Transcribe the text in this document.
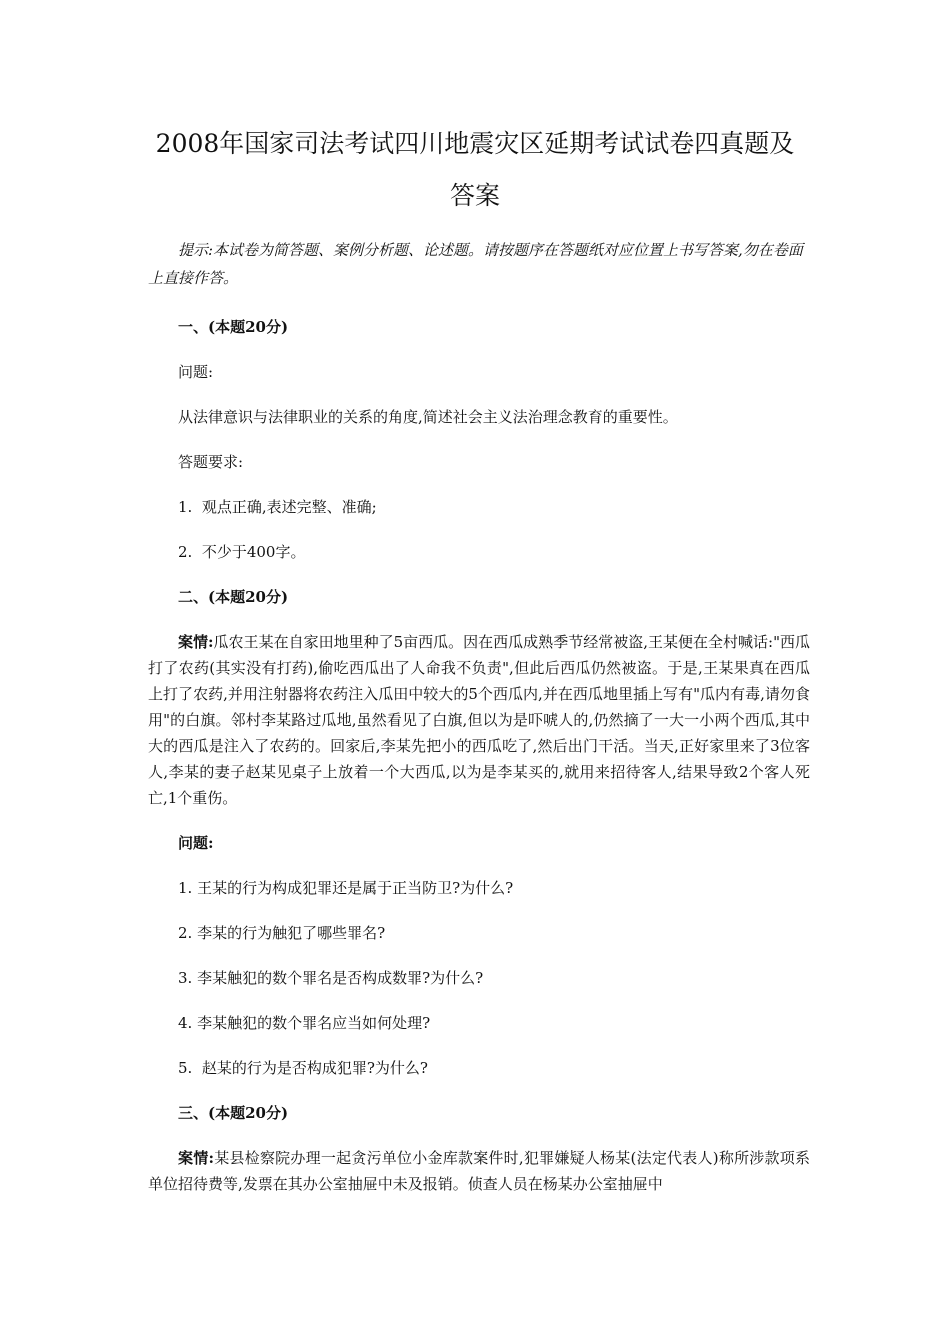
2008年国家司法考试四川地震灾区延期考试试卷四真题及
答案

提示:本试卷为简答题、案例分析题、论述题。请按题序在答题纸对应位置上书写答案,勿在卷面上直接作答。

一、(本题20分)

问题:

从法律意识与法律职业的关系的角度,简述社会主义法治理念教育的重要性。

答题要求:

1.  观点正确,表述完整、准确;

2.  不少于400字。

二、(本题20分)

案情:瓜农王某在自家田地里种了5亩西瓜。因在西瓜成熟季节经常被盗,王某便在全村喊话:"西瓜打了农药(其实没有打药),偷吃西瓜出了人命我不负责",但此后西瓜仍然被盗。于是,王某果真在西瓜上打了农药,并用注射器将农药注入瓜田中较大的5个西瓜内,并在西瓜地里插上写有"瓜内有毒,请勿食用"的白旗。邻村李某路过瓜地,虽然看见了白旗,但以为是吓唬人的,仍然摘了一大一小两个西瓜,其中大的西瓜是注入了农药的。回家后,李某先把小的西瓜吃了,然后出门干活。当天,正好家里来了3位客人,李某的妻子赵某见桌子上放着一个大西瓜,以为是李某买的,就用来招待客人,结果导致2个客人死亡,1个重伤。

问题:

1. 王某的行为构成犯罪还是属于正当防卫?为什么?

2. 李某的行为触犯了哪些罪名?

3. 李某触犯的数个罪名是否构成数罪?为什么?

4. 李某触犯的数个罪名应当如何处理?

5.  赵某的行为是否构成犯罪?为什么?

三、(本题20分)

案情:某县检察院办理一起贪污单位小金库款案件时,犯罪嫌疑人杨某(法定代表人)称所涉款项系单位招待费等,发票在其办公室抽屉中未及报销。侦查人员在杨某办公室抽屉中
